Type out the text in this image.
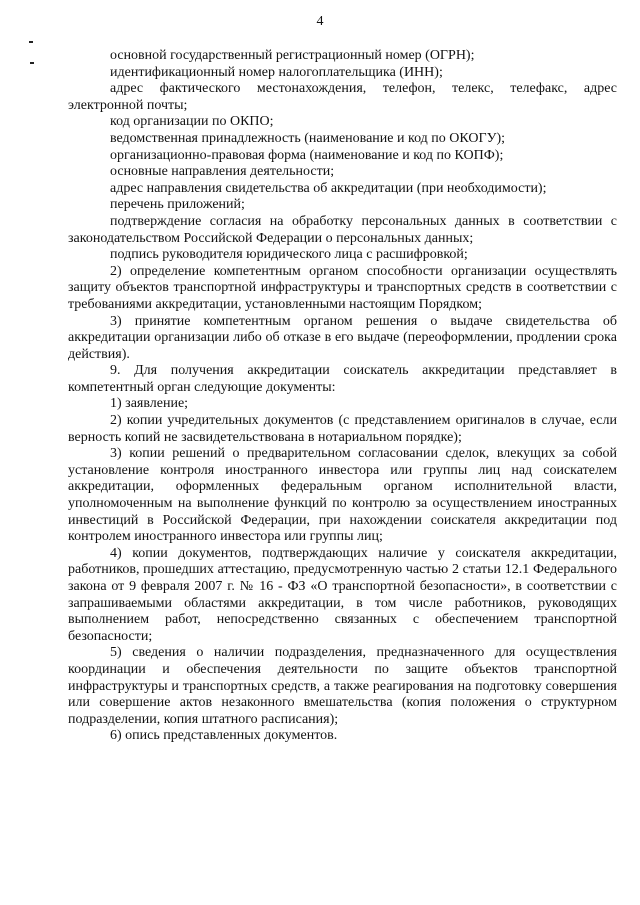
4

основной государственный регистрационный номер (ОГРН);

идентификационный номер налогоплательщика (ИНН);

адрес фактического местонахождения, телефон, телекс, телефакс, адрес электронной почты;

код организации по ОКПО;

ведомственная принадлежность (наименование и код по ОКОГУ);

организационно-правовая форма (наименование и код по КОПФ);

основные направления деятельности;

адрес направления свидетельства об аккредитации (при необходимости);

перечень приложений;

подтверждение согласия на обработку персональных данных в соответствии с законодательством Российской Федерации о персональных данных;

подпись руководителя юридического лица с расшифровкой;

2) определение компетентным органом способности организации осуществлять защиту объектов транспортной инфраструктуры и транспортных средств в соответствии с требованиями аккредитации, установленными настоящим Порядком;

3) принятие компетентным органом решения о выдаче свидетельства об аккредитации организации либо об отказе в его выдаче (переоформлении, продлении срока действия).

9. Для получения аккредитации соискатель аккредитации представляет в компетентный орган следующие документы:

1) заявление;

2) копии учредительных документов (с представлением оригиналов в случае, если верность копий не засвидетельствована в нотариальном порядке);

3) копии решений о предварительном согласовании сделок, влекущих за собой установление контроля иностранного инвестора или группы лиц над соискателем аккредитации, оформленных федеральным органом исполнительной власти, уполномоченным на выполнение функций по контролю за осуществлением иностранных инвестиций в Российской Федерации, при нахождении соискателя аккредитации под контролем иностранного инвестора или группы лиц;

4) копии документов, подтверждающих наличие у соискателя аккредитации, работников, прошедших аттестацию, предусмотренную частью 2 статьи 12.1 Федерального закона от 9 февраля 2007 г. № 16 - ФЗ «О транспортной безопасности», в соответствии с запрашиваемыми областями аккредитации, в том числе работников, руководящих выполнением работ, непосредственно связанных с обеспечением транспортной безопасности;

5) сведения о наличии подразделения, предназначенного для осуществления координации и обеспечения деятельности по защите объектов транспортной инфраструктуры и транспортных средств, а также реагирования на подготовку совершения или совершение актов незаконного вмешательства (копия положения о структурном подразделении, копия штатного расписания);

6) опись представленных документов.
